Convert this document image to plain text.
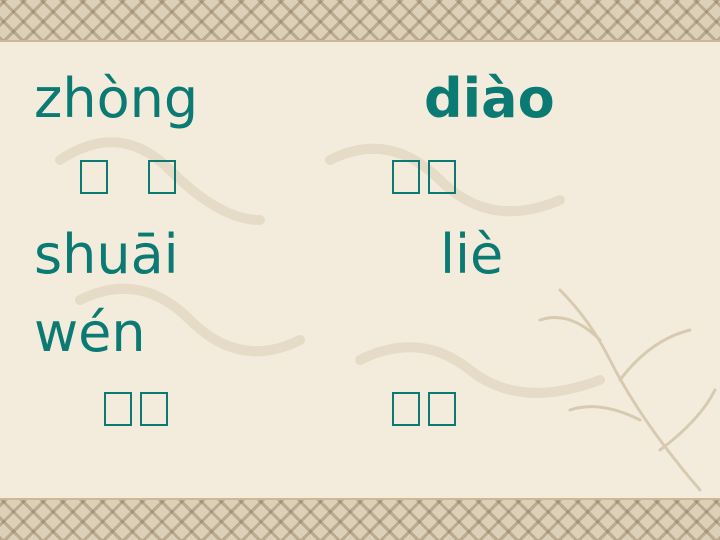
zhòng	diào
shuāi	liè
wén
